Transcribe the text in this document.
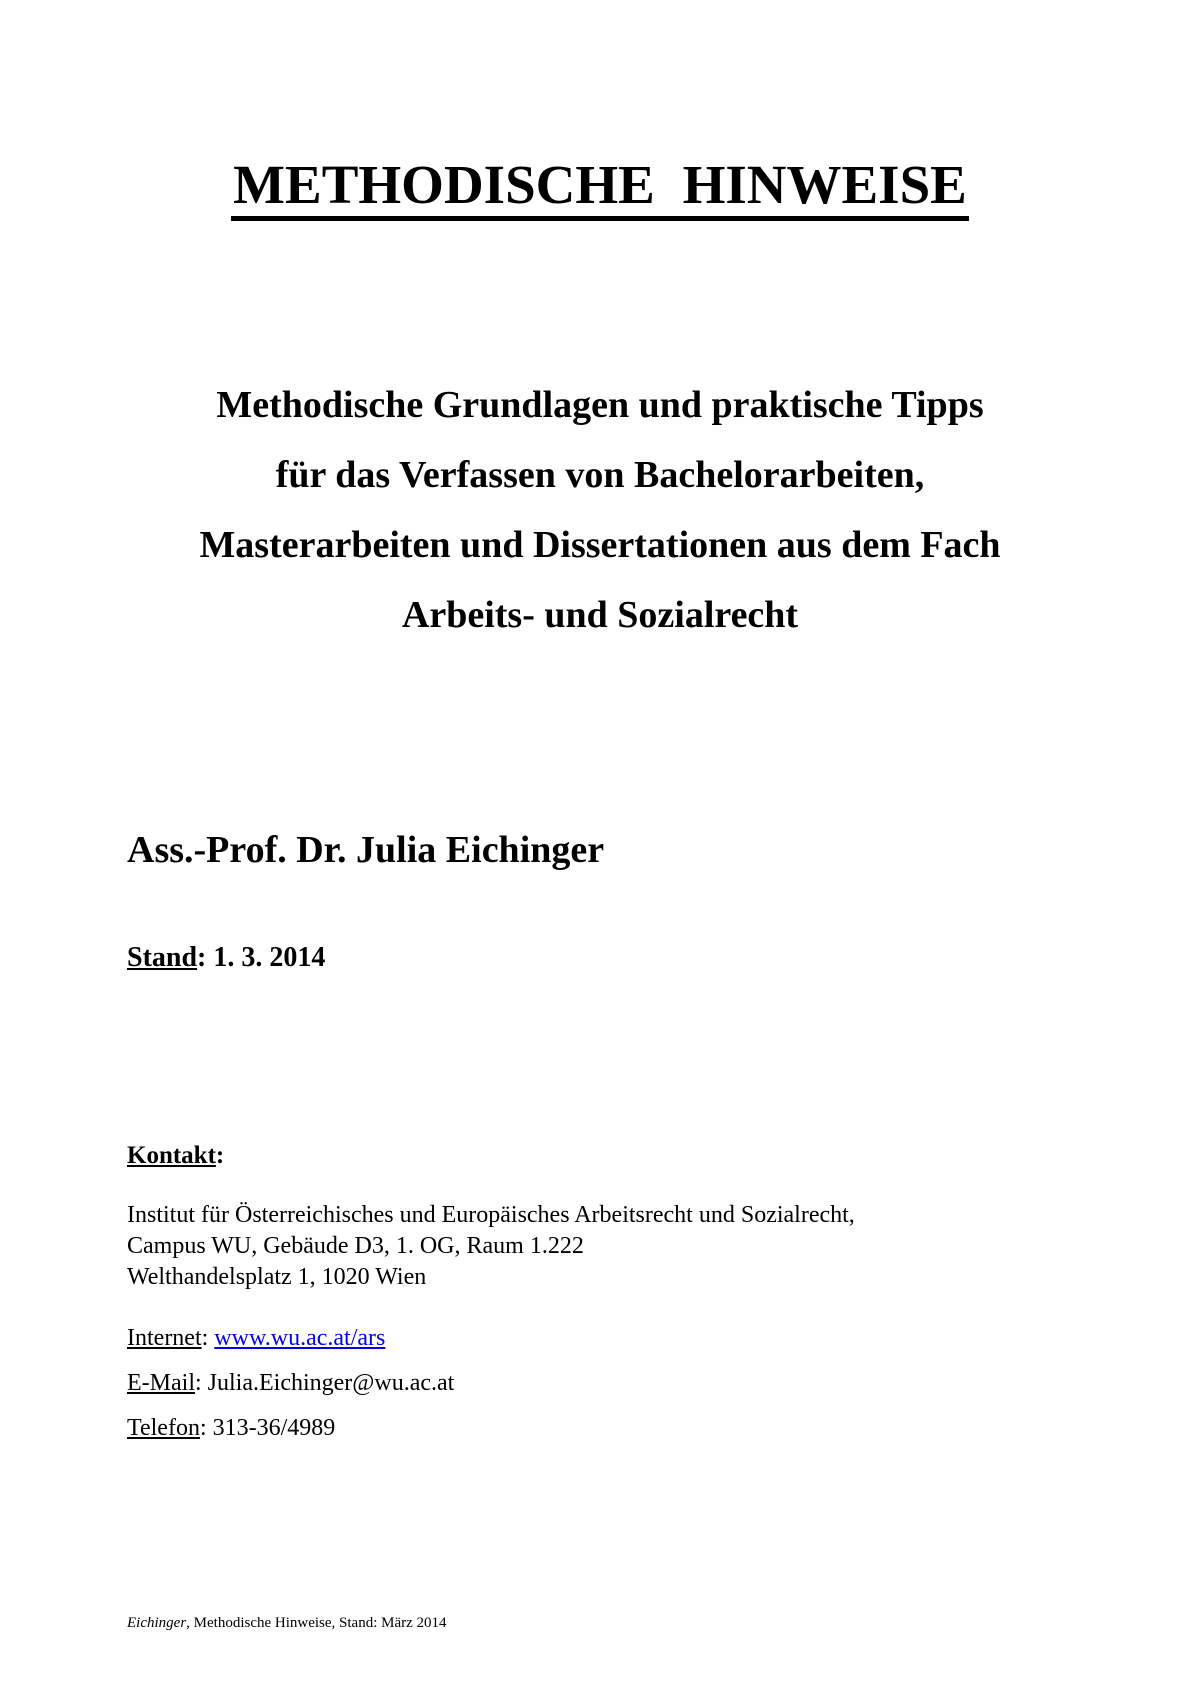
METHODISCHE HINWEISE
Methodische Grundlagen und praktische Tipps
für das Verfassen von Bachelorarbeiten,
Masterarbeiten und Dissertationen aus dem Fach
Arbeits- und Sozialrecht
Ass.-Prof. Dr. Julia Eichinger
Stand: 1. 3. 2014
Kontakt:
Institut für Österreichisches und Europäisches Arbeitsrecht und Sozialrecht,
Campus WU, Gebäude D3, 1. OG, Raum 1.222
Welthandelsplatz 1, 1020 Wien
Internet: www.wu.ac.at/ars
E-Mail: Julia.Eichinger@wu.ac.at
Telefon: 313-36/4989
Eichinger, Methodische Hinweise, Stand: März 2014
